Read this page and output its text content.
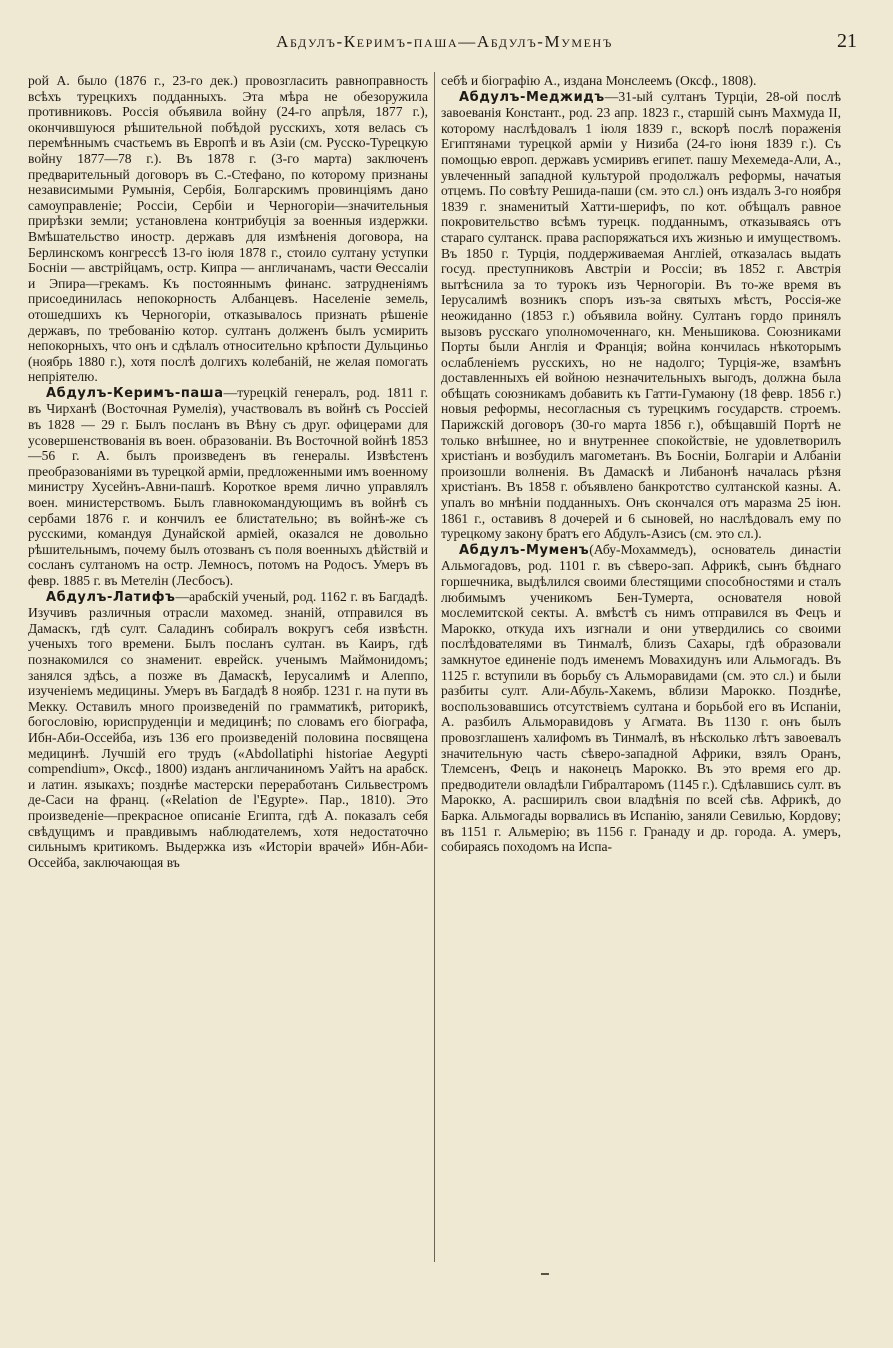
Абдулъ-Керимъ-паша—Абдулъ-Муменъ	21

рой А. было (1876 г., 23-го дек.) провозгласить равноправность всѣхъ турецкихъ подданныхъ. Эта мѣра не обезоружила противниковъ. Россія объявила войну (24-го апрѣля, 1877 г.), окончившуюся рѣшительной побѣдой русскихъ, хотя велась съ перемѣннымъ счастьемъ въ Европѣ и въ Азіи (см. Русско-Турецкую войну 1877—78 г.). Въ 1878 г. (3-го марта) заключенъ предварительный договоръ въ С.-Стефано, по которому признаны независимыми Румынія, Сербія, Болгарскимъ провинціямъ дано самоуправленіе; Россіи, Сербіи и Черногоріи—значительныя прирѣзки земли; установлена контрибуція за военныя издержки. Вмѣшательство иностр. державъ для измѣненія договора, на Берлинскомъ конгрессѣ 13-го іюля 1878 г., стоило султану уступки Босніи — австрійцамъ, остр. Кипра — англичанамъ, части Ѳессаліи и Эпира—грекамъ. Къ постояннымъ финанс. затрудненіямъ присоединилась непокорность Албанцевъ. Населеніе земель, отошедшихъ къ Черногоріи, отказывалось признать рѣшеніе державъ, по требованію котор. султанъ долженъ былъ усмирить непокорныхъ, что онъ и сдѣлалъ относительно крѣпости Дульциньо (ноябрь 1880 г.), хотя послѣ долгихъ колебаній, не желая помогать непріятелю.

Абдулъ-Керимъ-паша—турецкій генералъ, род. 1811 г. въ Чирханѣ (Восточная Румелія), участвовалъ въ войнѣ съ Россіей въ 1828 — 29 г. Былъ посланъ въ Вѣну съ друг. офицерами для усовершенствованія въ воен. образованіи. Въ Восточной войнѣ 1853—56 г. А. былъ произведенъ въ генералы. Извѣстенъ преобразованіями въ турецкой арміи, предложенными имъ военному министру Хусейнъ-Авни-пашѣ. Короткое время лично управлялъ воен. министерствомъ. Былъ главнокомандующимъ въ войнѣ съ сербами 1876 г. и кончилъ ее блистательно; въ войнѣ-же съ русскими, командуя Дунайской арміей, оказался не довольно рѣшительнымъ, почему былъ отозванъ съ поля военныхъ дѣйствій и сосланъ султаномъ на остр. Лемносъ, потомъ на Родосъ. Умеръ въ февр. 1885 г. въ Метелін (Лесбосъ).

Абдулъ-Латифъ—арабскій ученый, род. 1162 г. въ Багдадѣ. Изучивъ различныя отрасли махомед. знаній, отправился въ Дамаскъ, гдѣ султ. Саладинъ собиралъ вокругъ себя извѣстн. ученыхъ того времени. Былъ посланъ султан. въ Каиръ, гдѣ познакомился со знаменит. еврейск. ученымъ Маймонидомъ; занялся здѣсь, а позже въ Дамаскѣ, Іерусалимѣ и Алеппо, изученіемъ медицины. Умеръ въ Багдадѣ 8 ноябр. 1231 г. на пути въ Мекку. Оставилъ много произведеній по грамматикѣ, риторикѣ, богословію, юриспруденціи и медицинѣ; по словамъ его біографа, Ибн-Аби-Оссейба, изъ 136 его произведеній половина посвящена медицинѣ. Лучшій его трудъ («Abdollatiphi historiae Aegypti compendium», Оксф., 1800) изданъ англичаниномъ Уайтъ на арабск. и латин. языкахъ; позднѣе мастерски переработанъ Сильвестромъ де-Саси на франц. («Relation de l'Egypte». Пар., 1810). Это произведеніе—прекрасное описаніе Египта, гдѣ А. показалъ себя свѣдущимъ и правдивымъ наблюдателемъ, хотя недостаточно сильнымъ критикомъ. Выдержка изъ «Исторіи врачей» Ибн-Аби-Оссейба, заключающая въ

себѣ и біографію А., издана Монслеемъ (Оксф., 1808).

Абдулъ-Меджидъ—31-ый султанъ Турціи, 28-ой послѣ завоеванія Констант., род. 23 апр. 1823 г., старшій сынъ Махмуда II, которому наслѣдовалъ 1 іюля 1839 г., вскорѣ послѣ пораженія Египтянами турецкой арміи у Низиба (24-го іюня 1839 г.). Съ помощью европ. державъ усмиривъ египет. пашу Мехемеда-Али, А., увлеченный западной культурой продолжалъ реформы, начатыя отцемъ. По совѣту Решида-паши (см. это сл.) онъ издалъ 3-го ноября 1839 г. знаменитый Хатти-шерифъ, по кот. обѣщалъ равное покровительство всѣмъ турецк. подданнымъ, отказываясь отъ стараго султанск. права распоряжаться ихъ жизнью и имуществомъ. Въ 1850 г. Турція, поддерживаемая Англіей, отказалась выдать госуд. преступниковъ Австріи и Россіи; въ 1852 г. Австрія вытѣснила за то турокъ изъ Черногоріи. Въ то-же время въ Іерусалимѣ возникъ споръ изъ-за святыхъ мѣстъ, Россія-же неожиданно (1853 г.) объявила войну. Султанъ гордо принялъ вызовъ русскаго уполномоченнаго, кн. Меньшикова. Союзниками Порты были Англія и Франція; война кончилась нѣкоторымъ ослабленіемъ русскихъ, но не надолго; Турція-же, взамѣнъ доставленныхъ ей войною незначительныхъ выгодъ, должна была обѣщать союзникамъ добавить къ Гатти-Гумаюну (18 февр. 1856 г.) новыя реформы, несогласныя съ турецкимъ государств. строемъ. Парижскій договоръ (30-го марта 1856 г.), обѣщавшій Портѣ не только внѣшнее, но и внутреннее спокойствіе, не удовлетворилъ христіанъ и возбудилъ магометанъ. Въ Босніи, Болгаріи и Албаніи произошли волненія. Въ Дамаскѣ и Либанонѣ началась рѣзня христіанъ. Въ 1858 г. объявлено банкротство султанской казны. А. упалъ во мнѣніи подданныхъ. Онъ скончался отъ маразма 25 іюн. 1861 г., оставивъ 8 дочерей и 6 сыновей, но наслѣдовалъ ему по турецкому закону братъ его Абдулъ-Азисъ (см. это сл.).

Абдулъ-Муменъ(Абу-Мохаммедъ), основатель династіи Альмогадовъ, род. 1101 г. въ сѣверо-зап. Африкѣ, сынъ бѣднаго горшечника, выдѣлился своими блестящими способностями и сталъ любимымъ ученикомъ Бен-Тумерта, основателя новой мослемитской секты. А. вмѣстѣ съ нимъ отправился въ Фецъ и Марокко, откуда ихъ изгнали и они утвердились со своими послѣдователями въ Тинмалѣ, близъ Сахары, гдѣ образовали замкнутое единеніе подъ именемъ Мовахидунъ или Альмогадъ. Въ 1125 г. вступили въ борьбу съ Альморавидами (см. это сл.) и были разбиты султ. Али-Абуль-Хакемъ, вблизи Марокко. Позднѣе, воспользовавшись отсутствіемъ султана и борьбой его въ Испаніи, А. разбилъ Альморавидовъ у Агмата. Въ 1130 г. онъ былъ провозглашенъ халифомъ въ Тинмалѣ, въ нѣсколько лѣтъ завоевалъ значительную часть сѣверо-западной Африки, взялъ Оранъ, Тлемсенъ, Фецъ и наконецъ Марокко. Въ это время его др. предводители овладѣли Гибралтаромъ (1145 г.). Сдѣлавшись султ. въ Марокко, А. расширилъ свои владѣнія по всей сѣв. Африкѣ, до Барка. Альмогады ворвались въ Испанію, заняли Севилью, Кордову; въ 1151 г. Альмерію; въ 1156 г. Гранаду и др. города. А. умеръ, собираясь походомъ на Испа-
